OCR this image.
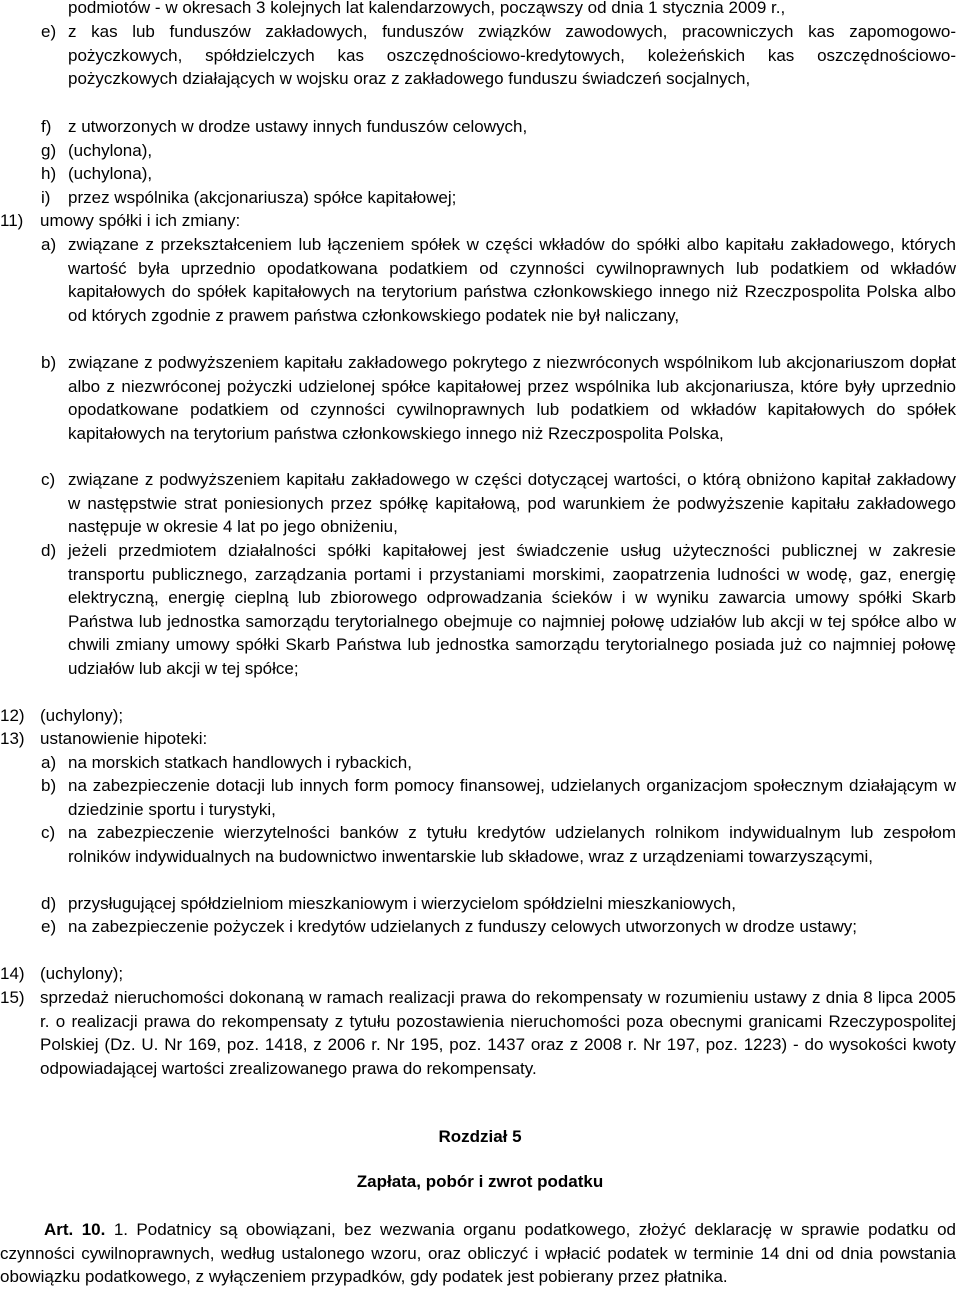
podmiotów - w okresach 3 kolejnych lat kalendarzowych, począwszy od dnia 1 stycznia 2009 r.,
e) z kas lub funduszów zakładowych, funduszów związków zawodowych, pracowniczych kas zapomogowo-pożyczkowych, spółdzielczych kas oszczędnościowo-kredytowych, koleżeńskich kas oszczędnościowo-pożyczkowych działających w wojsku oraz z zakładowego funduszu świadczeń socjalnych,
f) z utworzonych w drodze ustawy innych funduszów celowych,
g) (uchylona),
h) (uchylona),
i) przez wspólnika (akcjonariusza) spółce kapitałowej;
11) umowy spółki i ich zmiany:
a) związane z przekształceniem lub łączeniem spółek w części wkładów do spółki albo kapitału zakładowego, których wartość była uprzednio opodatkowana podatkiem od czynności cywilnoprawnych lub podatkiem od wkładów kapitałowych do spółek kapitałowych na terytorium państwa członkowskiego innego niż Rzeczpospolita Polska albo od których zgodnie z prawem państwa członkowskiego podatek nie był naliczany,
b) związane z podwyższeniem kapitału zakładowego pokrytego z niezwróconych wspólnikom lub akcjonariuszom dopłat albo z niezwróconej pożyczki udzielonej spółce kapitałowej przez wspólnika lub akcjonariusza, które były uprzednio opodatkowane podatkiem od czynności cywilnoprawnych lub podatkiem od wkładów kapitałowych do spółek kapitałowych na terytorium państwa członkowskiego innego niż Rzeczpospolita Polska,
c) związane z podwyższeniem kapitału zakładowego w części dotyczącej wartości, o którą obniżono kapitał zakładowy w następstwie strat poniesionych przez spółkę kapitałową, pod warunkiem że podwyższenie kapitału zakładowego następuje w okresie 4 lat po jego obniżeniu,
d) jeżeli przedmiotem działalności spółki kapitałowej jest świadczenie usług użyteczności publicznej w zakresie transportu publicznego, zarządzania portami i przystaniami morskimi, zaopatrzenia ludności w wodę, gaz, energię elektryczną, energię cieplną lub zbiorowego odprowadzania ścieków i w wyniku zawarcia umowy spółki Skarb Państwa lub jednostka samorządu terytorialnego obejmuje co najmniej połowę udziałów lub akcji w tej spółce albo w chwili zmiany umowy spółki Skarb Państwa lub jednostka samorządu terytorialnego posiada już co najmniej połowę udziałów lub akcji w tej spółce;
12) (uchylony);
13) ustanowienie hipoteki:
a) na morskich statkach handlowych i rybackich,
b) na zabezpieczenie dotacji lub innych form pomocy finansowej, udzielanych organizacjom społecznym działającym w dziedzinie sportu i turystyki,
c) na zabezpieczenie wierzytelności banków z tytułu kredytów udzielanych rolnikom indywidualnym lub zespołom rolników indywidualnych na budownictwo inwentarskie lub składowe, wraz z urządzeniami towarzyszącymi,
d) przysługującej spółdzielniom mieszkaniowym i wierzycielom spółdzielni mieszkaniowych,
e) na zabezpieczenie pożyczek i kredytów udzielanych z funduszy celowych utworzonych w drodze ustawy;
14) (uchylony);
15) sprzedaż nieruchomości dokonaną w ramach realizacji prawa do rekompensaty w rozumieniu ustawy z dnia 8 lipca 2005 r. o realizacji prawa do rekompensaty z tytułu pozostawienia nieruchomości poza obecnymi granicami Rzeczypospolitej Polskiej (Dz. U. Nr 169, poz. 1418, z 2006 r. Nr 195, poz. 1437 oraz z 2008 r. Nr 197, poz. 1223) - do wysokości kwoty odpowiadającej wartości zrealizowanego prawa do rekompensaty.
Rozdział 5
Zapłata, pobór i zwrot podatku
Art. 10. 1. Podatnicy są obowiązani, bez wezwania organu podatkowego, złożyć deklarację w sprawie podatku od czynności cywilnoprawnych, według ustalonego wzoru, oraz obliczyć i wpłacić podatek w terminie 14 dni od dnia powstania obowiązku podatkowego, z wyłączeniem przypadków, gdy podatek jest pobierany przez płatnika.
